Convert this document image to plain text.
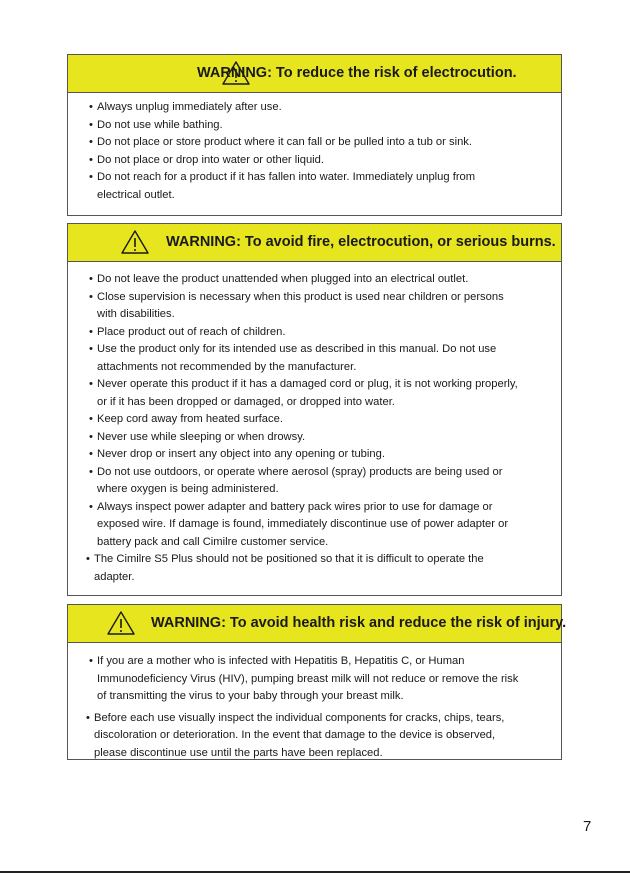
WARNING: To reduce the risk of electrocution.
• Always unplug immediately after use.
• Do not use while bathing.
• Do not place or store product where it can fall or be pulled into a tub or sink.
• Do not place or drop into water or other liquid.
• Do not reach for a product if it has fallen into water. Immediately unplug from
electrical outlet.
WARNING: To avoid fire, electrocution, or serious burns.
• Do not leave the product unattended when plugged into an electrical outlet.
• Close supervision is necessary when this product is used near children or persons
with disabilities.
• Place product out of reach of children.
• Use the product only for its intended use as described in this manual. Do not use
attachments not recommended by the manufacturer.
• Never operate this product if it has a damaged cord or plug, it is not working properly,
or if it has been dropped or damaged, or dropped into water.
• Keep cord away from heated surface.
• Never use while sleeping or when drowsy.
• Never drop or insert any object into any opening or tubing.
• Do not use outdoors, or operate where aerosol (spray) products are being used or
where oxygen is being administered.
• Always inspect power adapter and battery pack wires prior to use for damage or
exposed wire. If damage is found, immediately discontinue use of power adapter or
battery pack and call Cimilre customer service.
• The Cimilre S5 Plus should not be positioned so that it is difficult to operate the
adapter.
WARNING: To avoid health risk and reduce the risk of injury.
• If you are a mother who is infected with Hepatitis B, Hepatitis C, or Human
Immunodeficiency Virus (HIV), pumping breast milk will not reduce or remove the risk
of transmitting the virus to your baby through your breast milk.
• Before each use visually inspect the individual components for cracks, chips, tears,
discoloration or deterioration. In the event that damage to the device is observed,
please discontinue use until the parts have been replaced.
7
